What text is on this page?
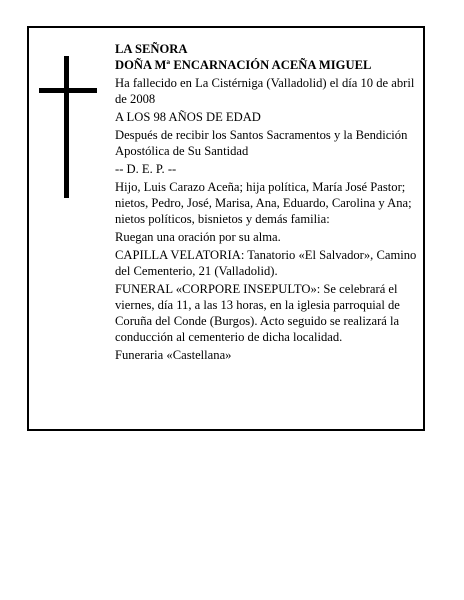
LA SEÑORA

DOÑA Mª ENCARNACIÓN ACEÑA MIGUEL

Ha fallecido en La Cistérniga (Valladolid) el día 10 de abril de 2008

A LOS 98 AÑOS DE EDAD

Después de recibir los Santos Sacramentos y la Bendición Apostólica de Su Santidad

-- D. E. P. --

Hijo, Luis Carazo Aceña; hija política, María José Pastor; nietos, Pedro, José, Marisa, Ana, Eduardo, Carolina y Ana; nietos políticos, bisnietos y demás familia:

Ruegan una oración por su alma.

CAPILLA VELATORIA: Tanatorio «El Salvador», Camino del Cementerio, 21 (Valladolid).

FUNERAL «CORPORE INSEPULTO»: Se celebrará el viernes, día 11, a las 13 horas, en la iglesia parroquial de Coruña del Conde (Burgos). Acto seguido se realizará la conducción al cementerio de dicha localidad.

Funeraria «Castellana»
